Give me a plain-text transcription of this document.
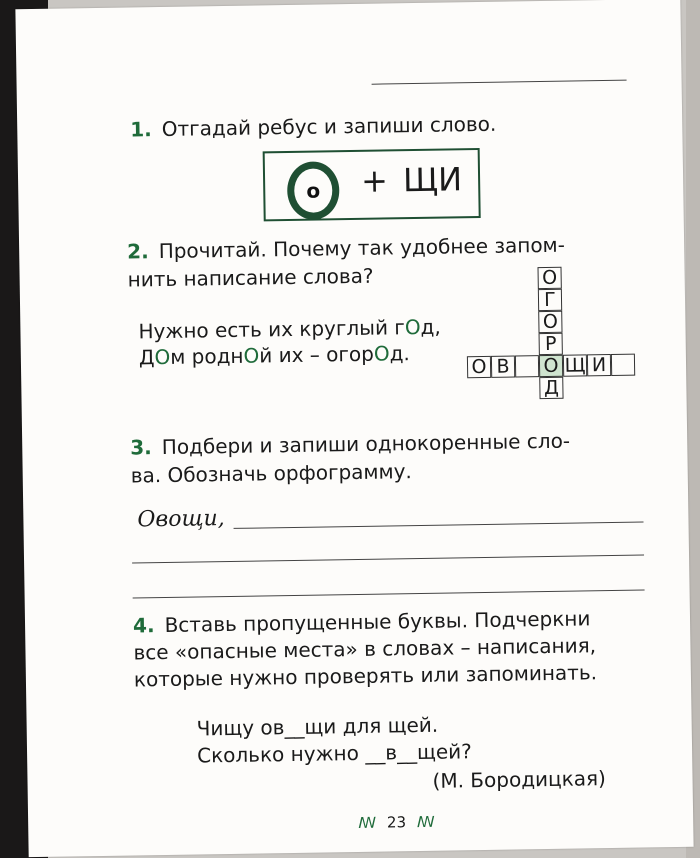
1. Отгадай ребус и запиши слово.
о	+ ЩИ
2. Прочитай. Почему так удобнее запом-
нить написание слова?
Нужно есть их круглый гОд,
ДОм роднОй их – огорОд.
О
Г
О
Р
Д
О В О Щ И
3. Подбери и запиши однокоренные сло-
ва. Обозначь орфограмму.
Овощи,
4. Вставь пропущенные буквы. Подчеркни
все «опасные места» в словах – написания,
которые нужно проверять или запоминать.
Чищу ов__щи для щей.
Сколько нужно __в__щей?
(М. Бородицкая)
ꟿ 23 ꟿ
